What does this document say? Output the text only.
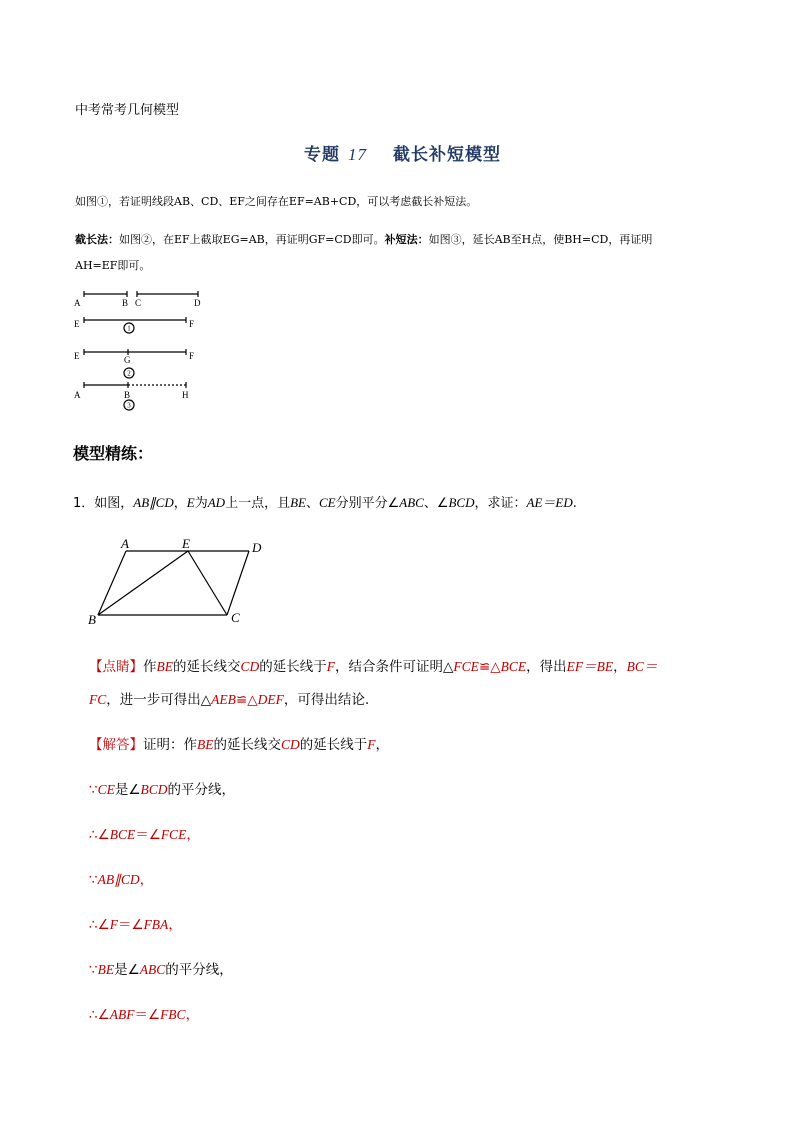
中考常考几何模型
专题 17 截长补短模型
如图①，若证明线段AB、CD、EF之间存在EF=AB+CD，可以考虑截长补短法。
截长法：如图②，在EF上截取EG=AB，再证明GF=CD即可。补短法：如图③，延长AB至H点，使BH=CD，再证明
AH=EF即可。
A	B C	D
E	F
E	G	F
A	B	H
1
2
3
模型精练：
1．如图，AB∥CD，E为AD上一点，且BE、CE分别平分∠ABC、∠BCD，求证：AE＝ED.
A	E	D
B	C
【点睛】作BE的延长线交CD的延长线于F，结合条件可证明△FCE≌△BCE，得出EF＝BE，BC＝
FC，进一步可得出△AEB≌△DEF，可得出结论.
【解答】证明：作BE的延长线交CD的延长线于F，
∵CE是∠BCD的平分线，
∴∠BCE＝∠FCE，
∵AB∥CD，
∴∠F＝∠FBA，
∵BE是∠ABC的平分线，
∴∠ABF＝∠FBC，
